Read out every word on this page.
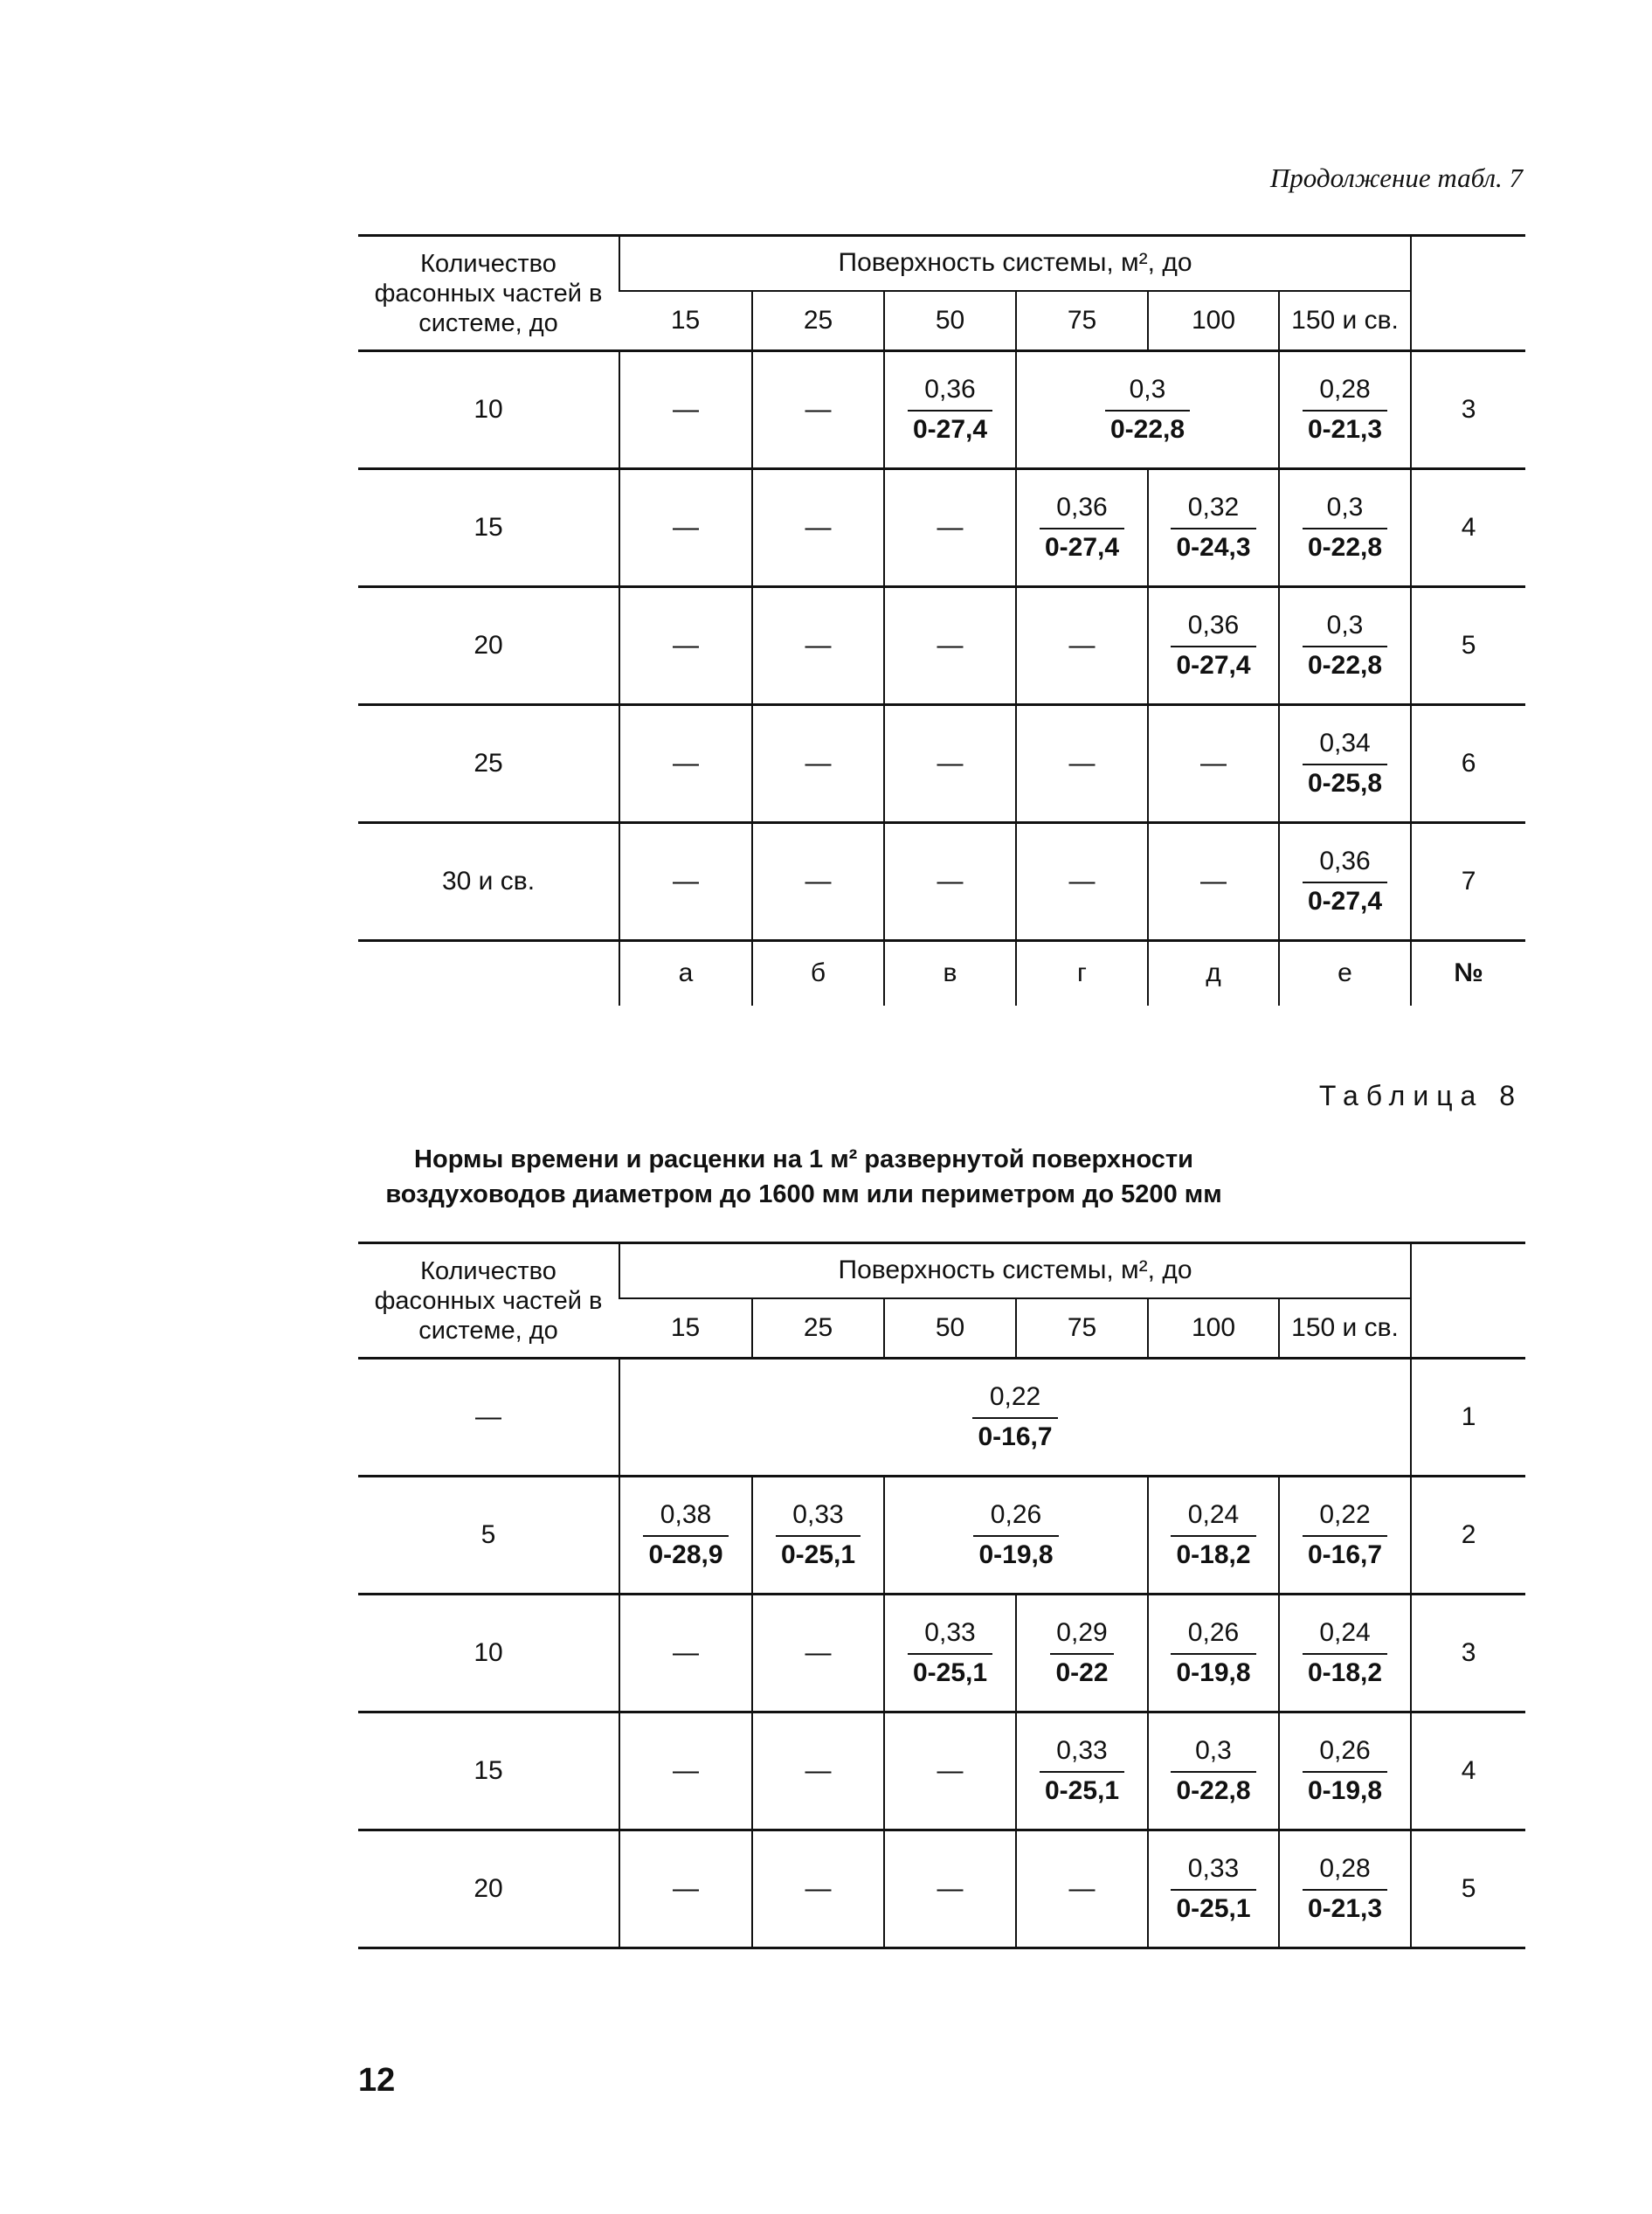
Продолжение табл. 7
Количество фасонных частей в системе, до	Поверхность системы, м², до						
	15	25	50	75	100	150 и св.	
10	—	—	$\frac{0,36}{0-27,4}$	$\frac{0,3}{0-22,8}$		$\frac{0,28}{0-21,3}$	3
15	—	—	—	$\frac{0,36}{0-27,4}$	$\frac{0,32}{0-24,3}$	$\frac{0,3}{0-22,8}$	4
20	—	—	—	—	$\frac{0,36}{0-27,4}$	$\frac{0,3}{0-22,8}$	5
25	—	—	—	—	—	$\frac{0,34}{0-25,8}$	6
30 и св.	—	—	—	—	—	$\frac{0,36}{0-27,4}$	7
	а	б	в	г	д	е	№
Таблица 8
Нормы времени и расценки на 1 м² развернутой поверхности
воздуховодов диаметром до 1600 мм или периметром до 5200 мм
Количество фасонных частей в системе, до	Поверхность системы, м², до						
	15	25	50	75	100	150 и св.	
—	$\frac{0,22}{0-16,7}$						1
5	$\frac{0,38}{0-28,9}$	$\frac{0,33}{0-25,1}$	$\frac{0,26}{0-19,8}$		$\frac{0,24}{0-18,2}$	$\frac{0,22}{0-16,7}$	2
10	—	—	$\frac{0,33}{0-25,1}$	$\frac{0,29}{0-22}$	$\frac{0,26}{0-19,8}$	$\frac{0,24}{0-18,2}$	3
15	—	—	—	$\frac{0,33}{0-25,1}$	$\frac{0,3}{0-22,8}$	$\frac{0,26}{0-19,8}$	4
20	—	—	—	—	$\frac{0,33}{0-25,1}$	$\frac{0,28}{0-21,3}$	5
12
